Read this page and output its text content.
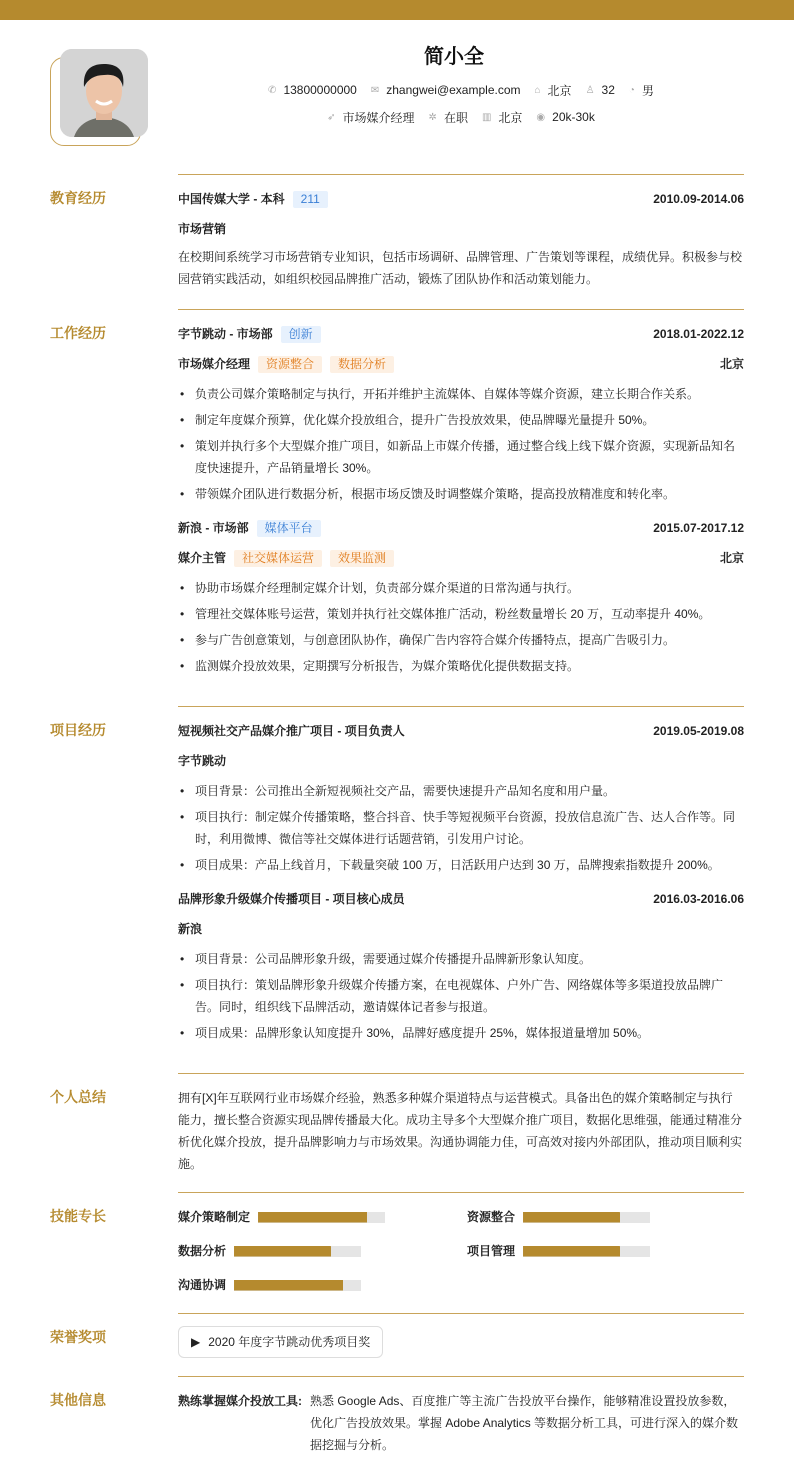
简小全
✆ 13800000000 ✉ zhangwei@example.com ⌂ 北京 ♙ 32 ◔ 男
➶ 市场媒介经理 ✲ 在职 ▥ 北京 ◉ 20k-30k
教育经历	中国传媒大学 - 本科	211	2010.09-2014.06
市场营销
在校期间系统学习市场营销专业知识，包括市场调研、品牌管理、广告策划等课程，成绩优异。积极参与校园营销实践活动，如组织校园品牌推广活动，锻炼了团队协作和活动策划能力。
工作经历	字节跳动 - 市场部	创新	2018.01-2022.12
市场媒介经理	资源整合	数据分析	北京
• 负责公司媒介策略制定与执行，开拓并维护主流媒体、自媒体等媒介资源，建立长期合作关系。
• 制定年度媒介预算，优化媒介投放组合，提升广告投放效果，使品牌曝光量提升 50%。
• 策划并执行多个大型媒介推广项目，如新品上市媒介传播，通过整合线上线下媒介资源，实现新品知名度快速提升，产品销量增长 30%。
• 带领媒介团队进行数据分析，根据市场反馈及时调整媒介策略，提高投放精准度和转化率。
新浪 - 市场部	媒体平台	2015.07-2017.12
媒介主管	社交媒体运营	效果监测	北京
• 协助市场媒介经理制定媒介计划，负责部分媒介渠道的日常沟通与执行。
• 管理社交媒体账号运营，策划并执行社交媒体推广活动，粉丝数量增长 20 万，互动率提升 40%。
• 参与广告创意策划，与创意团队协作，确保广告内容符合媒介传播特点，提高广告吸引力。
• 监测媒介投放效果，定期撰写分析报告，为媒介策略优化提供数据支持。
项目经历	短视频社交产品媒介推广项目 - 项目负责人	2019.05-2019.08
字节跳动
• 项目背景：公司推出全新短视频社交产品，需要快速提升产品知名度和用户量。
• 项目执行：制定媒介传播策略，整合抖音、快手等短视频平台资源，投放信息流广告、达人合作等。同时，利用微博、微信等社交媒体进行话题营销，引发用户讨论。
• 项目成果：产品上线首月，下载量突破 100 万，日活跃用户达到 30 万，品牌搜索指数提升 200%。
品牌形象升级媒介传播项目 - 项目核心成员	2016.03-2016.06
新浪
• 项目背景：公司品牌形象升级，需要通过媒介传播提升品牌新形象认知度。
• 项目执行：策划品牌形象升级媒介传播方案，在电视媒体、户外广告、网络媒体等多渠道投放品牌广告。同时，组织线下品牌活动，邀请媒体记者参与报道。
• 项目成果：品牌形象认知度提升 30%，品牌好感度提升 25%，媒体报道量增加 50%。
个人总结	拥有[X]年互联网行业市场媒介经验，熟悉多种媒介渠道特点与运营模式。具备出色的媒介策略制定与执行能力，擅长整合资源实现品牌传播最大化。成功主导多个大型媒介推广项目，数据化思维强，能通过精准分析优化媒介投放，提升品牌影响力与市场效果。沟通协调能力佳，可高效对接内外部团队，推动项目顺利实施。
技能专长	媒介策略制定	资源整合
数据分析	项目管理
沟通协调
荣誉奖项	▶ 2020 年度字节跳动优秀项目奖
其他信息	熟练掌握媒介投放工具: 熟悉 Google Ads、百度推广等主流广告投放平台操作，能够精准设置投放参数，优化广告投放效果。掌握 Adobe Analytics 等数据分析工具，可进行深入的媒介数据挖掘与分析。
